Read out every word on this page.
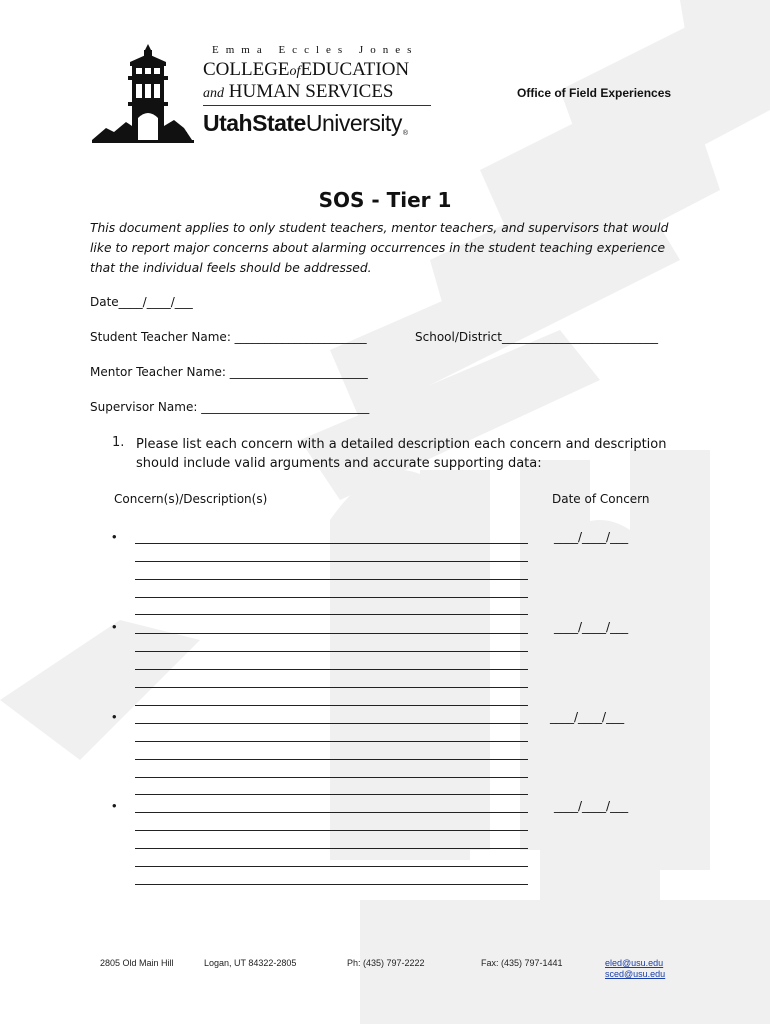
Emma Eccles Jones
COLLEGEofEDUCATION
and HUMAN SERVICES
UtahStateUniversity®
Office of Field Experiences
SOS - Tier 1
This document applies to only student teachers, mentor teachers, and supervisors that would like to report major concerns about alarming occurrences in the student teaching experience that the individual feels should be addressed.
Date____/____/___
Student Teacher Name: ______________________	School/District__________________________
Mentor Teacher Name: _______________________
Supervisor Name: ____________________________
1. Please list each concern with a detailed description each concern and description should include valid arguments and accurate supporting data:
Concern(s)/Description(s)	Date of Concern
•	____/____/___
•	____/____/___
•	____/____/___
•	____/____/___
2805 Old Main Hill	Logan, UT 84322-2805	Ph: (435) 797-2222	Fax: (435) 797-1441	eled@usu.edu
sced@usu.edu
